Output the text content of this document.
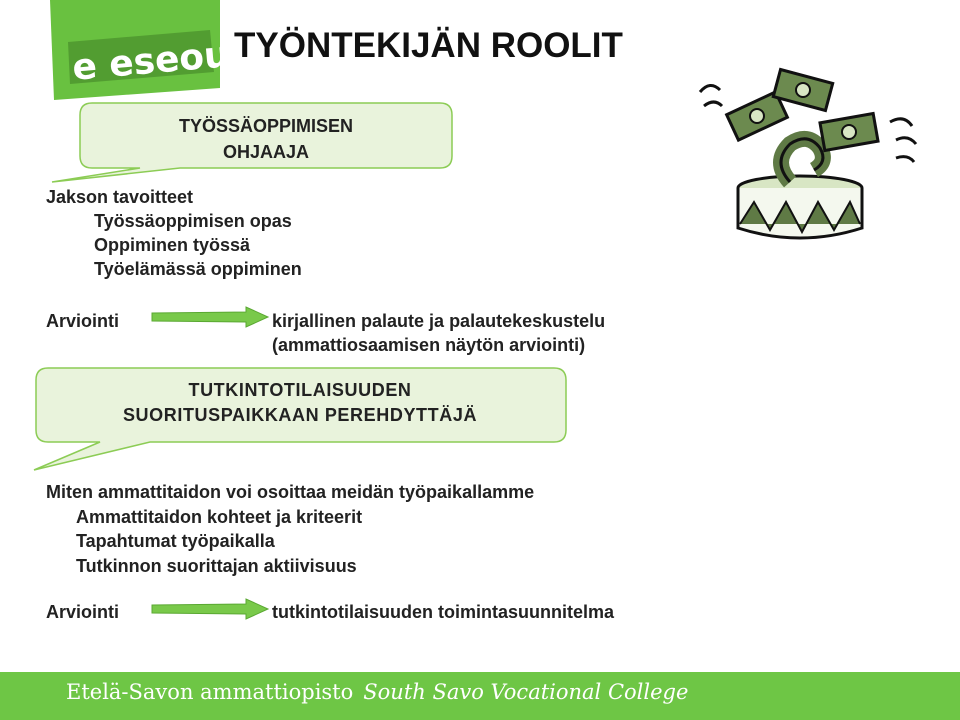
e eseou TYÖNTEKIJÄN ROOLIT
TYÖSSÄOPPIMISEN
OHJAAJA
TUTKINTOTILAISUUDEN
SUORITUSPAIKKAAN PEREHDYTTÄJÄ
Jakson tavoitteet
Työssäoppimisen opas
Oppiminen työssä
Työelämässä oppiminen
Arviointi	kirjallinen palaute ja palautekeskustelu
(ammattiosaamisen näytön arviointi)
Miten ammattitaidon voi osoittaa meidän työpaikallamme
Ammattitaidon kohteet ja kriteerit
Tapahtumat työpaikalla
Tutkinnon suorittajan aktiivisuus
Arviointi	tutkintotilaisuuden toimintasuunnitelma
Etelä-Savon ammattiopisto South Savo Vocational College
